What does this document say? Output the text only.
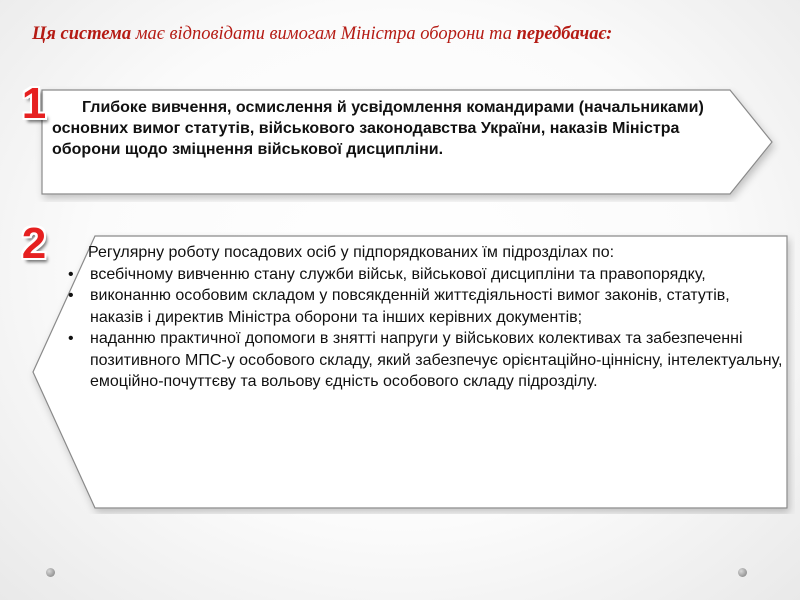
Ця система має відповідати вимогам Міністра оборони та передбачає:
Глибоке вивчення, осмислення й усвідомлення командирами (начальниками) основних вимог статутів, військового законодавства України, наказів Міністра оборони щодо зміцнення військової дисципліни.
1
Регулярну роботу посадових осіб у підпорядкованих їм підрозділах по:
• всебічному вивченню стану служби військ, військової дисципліни та правопорядку,
• виконанню особовим складом у повсякденній життєдіяльності вимог законів, статутів, наказів і директив Міністра оборони та інших керівних документів;
• наданню практичної допомоги в знятті напруги у військових колективах та забезпеченні позитивного МПС-у особового складу, який забезпечує орієнтаційно-ціннісну, інтелектуальну, емоційно-почуттєву та вольову єдність особового складу підрозділу.
2
